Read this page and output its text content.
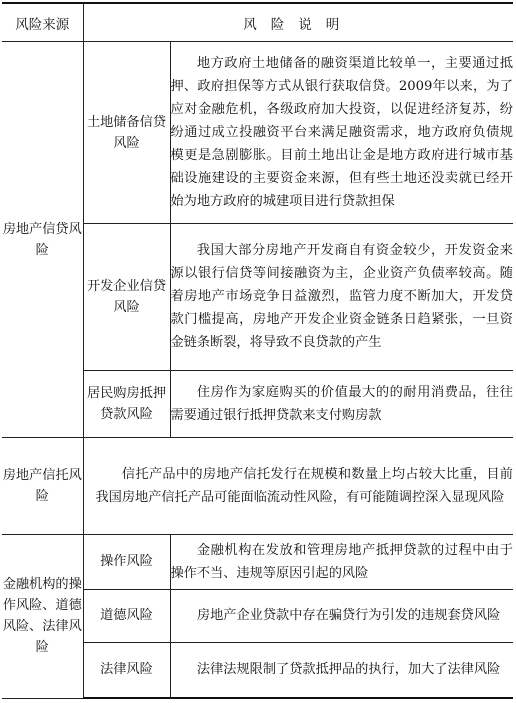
风险来源	风险说明	
房地产信贷风险	土地储备信贷风险	地方政府土地储备的融资渠道比较单一，主要通过抵押、政府担保等方式从银行获取信贷。2009年以来，为了应对金融危机，各级政府加大投资，以促进经济复苏，纷纷通过成立投融资平台来满足融资需求，地方政府负债规模更是急剧膨胀。目前土地出让金是地方政府进行城市基础设施建设的主要资金来源，但有些土地还没卖就已经开始为地方政府的城建项目进行贷款担保
	开发企业信贷风险	我国大部分房地产开发商自有资金较少，开发资金来源以银行信贷等间接融资为主，企业资产负债率较高。随着房地产市场竞争日益激烈，监管力度不断加大，开发贷款门槛提高，房地产开发企业资金链条日趋紧张，一旦资金链条断裂，将导致不良贷款的产生
	居民购房抵押贷款风险	住房作为家庭购买的价值最大的的耐用消费品，往往需要通过银行抵押贷款来支付购房款
房地产信托风险	信托产品中的房地产信托发行在规模和数量上均占较大比重，目前我国房地产信托产品可能面临流动性风险，有可能随调控深入显现风险	
金融机构的操作风险、道德风险、法律风险	操作风险	金融机构在发放和管理房地产抵押贷款的过程中由于操作不当、违规等原因引起的风险
	道德风险	房地产企业贷款中存在骗贷行为引发的违规套贷风险
	法律风险	法律法规限制了贷款抵押品的执行，加大了法律风险
